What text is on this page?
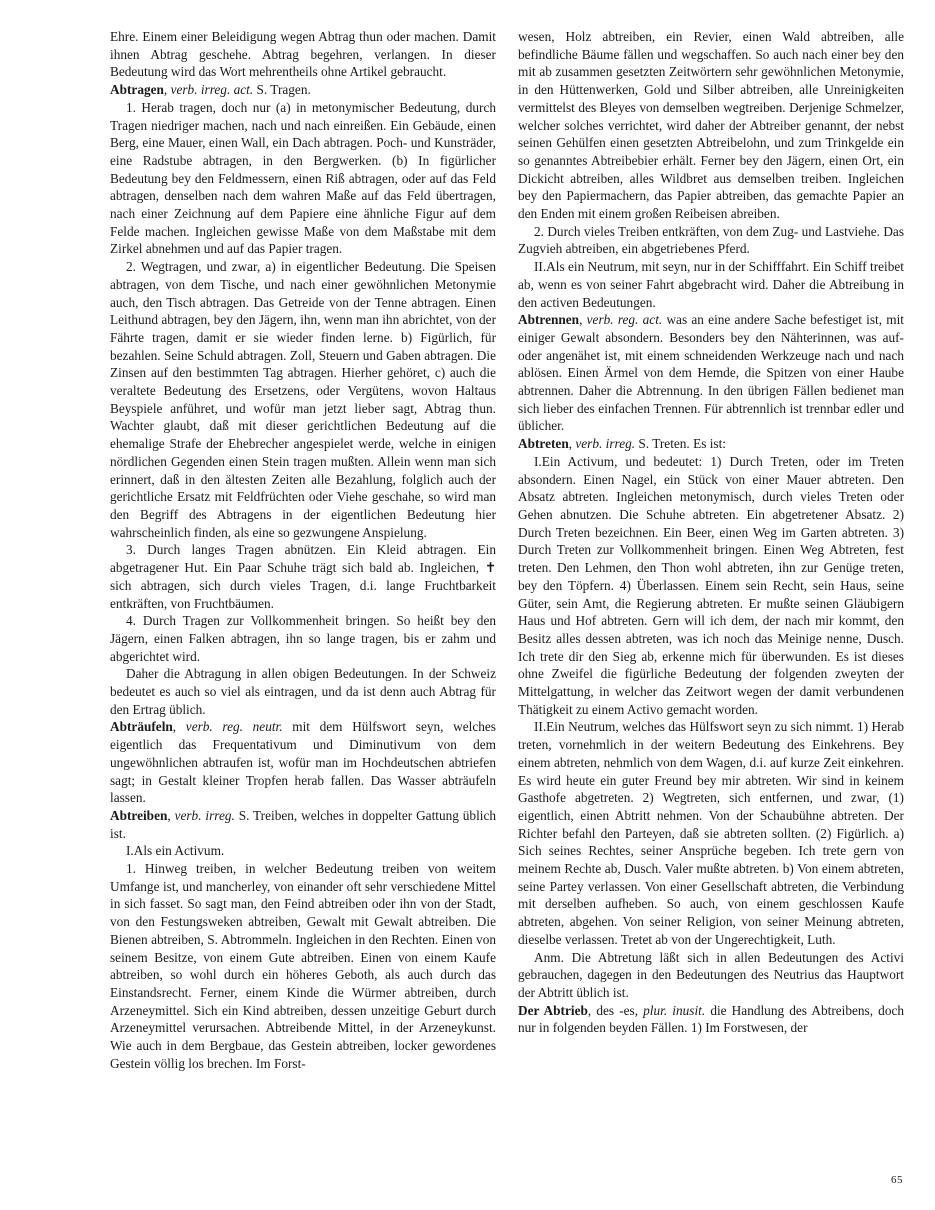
Ehre. Einem einer Beleidigung wegen Abtrag thun oder machen. Damit ihnen Abtrag geschehe. Abtrag begehren, verlangen. In dieser Bedeutung wird das Wort mehrentheils ohne Artikel gebraucht.

Abtragen, verb. irreg. act. S. Tragen.

1. Herab tragen, doch nur (a) in metonymischer Bedeutung, durch Tragen niedriger machen, nach und nach einreißen. Ein Gebäude, einen Berg, eine Mauer, einen Wall, ein Dach abtragen. Poch- und Kunsträder, eine Radstube abtragen, in den Bergwerken. (b) In figürlicher Bedeutung bey den Feldmessern, einen Riß abtragen, oder auf das Feld abtragen, denselben nach dem wahren Maße auf das Feld übertragen, nach einer Zeichnung auf dem Papiere eine ähnliche Figur auf dem Felde machen. Ingleichen gewisse Maße von dem Maßstabe mit dem Zirkel abnehmen und auf das Papier tragen.

2. Wegtragen, und zwar, a) in eigentlicher Bedeutung. Die Speisen abtragen, von dem Tische, und nach einer gewöhnlichen Metonymie auch, den Tisch abtragen. Das Getreide von der Tenne abtragen. Einen Leithund abtragen, bey den Jägern, ihn, wenn man ihn abrichtet, von der Fährte tragen, damit er sie wieder finden lerne. b) Figürlich, für bezahlen. Seine Schuld abtragen. Zoll, Steuern und Gaben abtragen. Die Zinsen auf den bestimmten Tag abtragen. Hierher gehöret, c) auch die veraltete Bedeutung des Ersetzens, oder Vergütens, wovon Haltaus Beyspiele anführet, und wofür man jetzt lieber sagt, Abtrag thun. Wachter glaubt, daß mit dieser gerichtlichen Bedeutung auf die ehemalige Strafe der Ehebrecher angespielet werde, welche in einigen nördlichen Gegenden einen Stein tragen mußten. Allein wenn man sich erinnert, daß in den ältesten Zeiten alle Bezahlung, folglich auch der gerichtliche Ersatz mit Feldfrüchten oder Viehe geschahe, so wird man den Begriff des Abtragens in der eigentlichen Bedeutung hier wahrscheinlich finden, als eine so gezwungene Anspielung.

3. Durch langes Tragen abnützen. Ein Kleid abtragen. Ein abgetragener Hut. Ein Paar Schuhe trägt sich bald ab. Ingleichen, ✝ sich abtragen, sich durch vieles Tragen, d.i. lange Fruchtbarkeit entkräften, von Fruchtbäumen.

4. Durch Tragen zur Vollkommenheit bringen. So heißt bey den Jägern, einen Falken abtragen, ihn so lange tragen, bis er zahm und abgerichtet wird.

Daher die Abtragung in allen obigen Bedeutungen. In der Schweiz bedeutet es auch so viel als eintragen, und da ist denn auch Abtrag für den Ertrag üblich.

Abträufeln, verb. reg. neutr. mit dem Hülfswort seyn, welches eigentlich das Frequentativum und Diminutivum von dem ungewöhnlichen abtraufen ist, wofür man im Hochdeutschen abtriefen sagt; in Gestalt kleiner Tropfen herab fallen. Das Wasser abträufeln lassen.

Abtreiben, verb. irreg. S. Treiben, welches in doppelter Gattung üblich ist.

I.Als ein Activum.

1. Hinweg treiben, in welcher Bedeutung treiben von weitem Umfange ist, und mancherley, von einander oft sehr verschiedene Mittel in sich fasset. So sagt man, den Feind abtreiben oder ihn von der Stadt, von den Festungsweken abtreiben, Gewalt mit Gewalt abtreiben. Die Bienen abtreiben, S. Abtrommeln. Ingleichen in den Rechten. Einen von seinem Besitze, von einem Gute abtreiben. Einen von einem Kaufe abtreiben, so wohl durch ein höheres Geboth, als auch durch das Einstandsrecht. Ferner, einem Kinde die Würmer abtreiben, durch Arzeneymittel. Sich ein Kind abtreiben, dessen unzeitige Geburt durch Arzeneymittel verursachen. Abtreibende Mittel, in der Arzeneykunst. Wie auch in dem Bergbaue, das Gestein abtreiben, locker gewordenes Gestein völlig los brechen. Im Forst-

wesen, Holz abtreiben, ein Revier, einen Wald abtreiben, alle befindliche Bäume fällen und wegschaffen. So auch nach einer bey den mit ab zusammen gesetzten Zeitwörtern sehr gewöhnlichen Metonymie, in den Hüttenwerken, Gold und Silber abtreiben, alle Unreinigkeiten vermittelst des Bleyes von demselben wegtreiben. Derjenige Schmelzer, welcher solches verrichtet, wird daher der Abtreiber genannt, der nebst seinen Gehülfen einen gesetzten Abtreibelohn, und zum Trinkgelde ein so genanntes Abtreibebier erhält. Ferner bey den Jägern, einen Ort, ein Dickicht abtreiben, alles Wildbret aus demselben treiben. Ingleichen bey den Papiermachern, das Papier abtreiben, das gemachte Papier an den Enden mit einem großen Reibeisen abreiben.

2. Durch vieles Treiben entkräften, von dem Zug- und Lastviehe. Das Zugvieh abtreiben, ein abgetriebenes Pferd.

II.Als ein Neutrum, mit seyn, nur in der Schifffahrt. Ein Schiff treibet ab, wenn es von seiner Fahrt abgebracht wird. Daher die Abtreibung in den activen Bedeutungen.

Abtrennen, verb. reg. act. was an eine andere Sache befestiget ist, mit einiger Gewalt absondern. Besonders bey den Nähterinnen, was auf- oder angenähet ist, mit einem schneidenden Werkzeuge nach und nach ablösen. Einen Ärmel von dem Hemde, die Spitzen von einer Haube abtrennen. Daher die Abtrennung. In den übrigen Fällen bedienet man sich lieber des einfachen Trennen. Für abtrennlich ist trennbar edler und üblicher.

Abtreten, verb. irreg. S. Treten. Es ist:

I.Ein Activum, und bedeutet: 1) Durch Treten, oder im Treten absondern. Einen Nagel, ein Stück von einer Mauer abtreten. Den Absatz abtreten. Ingleichen metonymisch, durch vieles Treten oder Gehen abnutzen. Die Schuhe abtreten. Ein abgetretener Absatz. 2) Durch Treten bezeichnen. Ein Beer, einen Weg im Garten abtreten. 3) Durch Treten zur Vollkommenheit bringen. Einen Weg Abtreten, fest treten. Den Lehmen, den Thon wohl abtreten, ihn zur Genüge treten, bey den Töpfern. 4) Überlassen. Einem sein Recht, sein Haus, seine Güter, sein Amt, die Regierung abtreten. Er mußte seinen Gläubigern Haus und Hof abtreten. Gern will ich dem, der nach mir kommt, den Besitz alles dessen abtreten, was ich noch das Meinige nenne, Dusch. Ich trete dir den Sieg ab, erkenne mich für überwunden. Es ist dieses ohne Zweifel die figürliche Bedeutung der folgenden zweyten der Mittelgattung, in welcher das Zeitwort wegen der damit verbundenen Thätigkeit zu einem Activo gemacht worden.

II.Ein Neutrum, welches das Hülfswort seyn zu sich nimmt. 1) Herab treten, vornehmlich in der weitern Bedeutung des Einkehrens. Bey einem abtreten, nehmlich von dem Wagen, d.i. auf kurze Zeit einkehren. Es wird heute ein guter Freund bey mir abtreten. Wir sind in keinem Gasthofe abgetreten. 2) Wegtreten, sich entfernen, und zwar, (1) eigentlich, einen Abtritt nehmen. Von der Schaubühne abtreten. Der Richter befahl den Parteyen, daß sie abtreten sollten. (2) Figürlich. a) Sich seines Rechtes, seiner Ansprüche begeben. Ich trete gern von meinem Rechte ab, Dusch. Valer mußte abtreten. b) Von einem abtreten, seine Partey verlassen. Von einer Gesellschaft abtreten, die Verbindung mit derselben aufheben. So auch, von einem geschlossen Kaufe abtreten, abgehen. Von seiner Religion, von seiner Meinung abtreten, dieselbe verlassen. Tretet ab von der Ungerechtigkeit, Luth.

Anm. Die Abtretung läßt sich in allen Bedeutungen des Activi gebrauchen, dagegen in den Bedeutungen des Neutrius das Hauptwort der Abtritt üblich ist.

Der Abtrieb, des -es, plur. inusit. die Handlung des Abtreibens, doch nur in folgenden beyden Fällen. 1) Im Forstwesen, der

65
